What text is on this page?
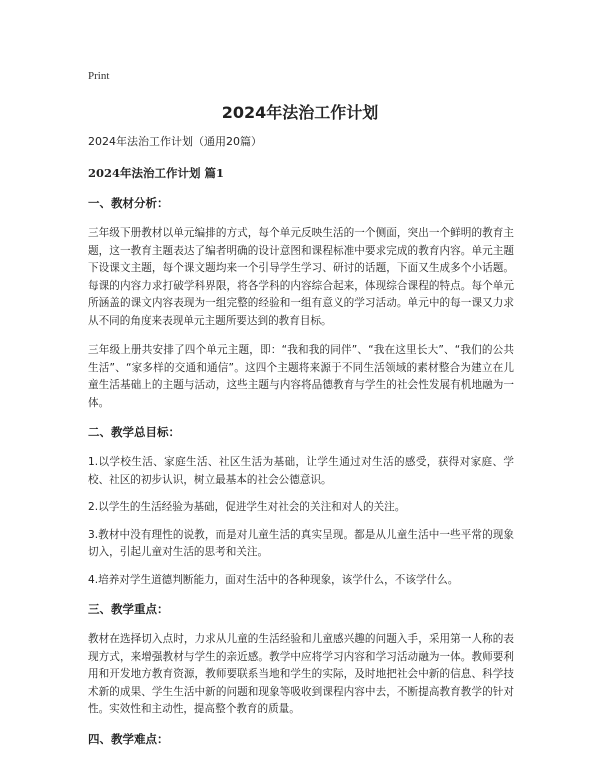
Print
2024年法治工作计划
2024年法治工作计划（通用20篇）
2024年法治工作计划 篇1
一、教材分析：

三年级下册教材以单元编排的方式，每个单元反映生活的一个侧面，突出一个鲜明的教育主题，这一教育主题表达了编者明确的设计意图和课程标准中要求完成的教育内容。单元主题下设课文主题，每个课文题均来一个引导学生学习、研讨的话题，下面又生成多个小话题。每课的内容力求打破学科界限，将各学科的内容综合起来，体现综合课程的特点。每个单元所涵盖的课文内容表现为一组完整的经验和一组有意义的学习活动。单元中的每一课又力求从不同的角度来表现单元主题所要达到的教育目标。

三年级上册共安排了四个单元主题，即：“我和我的同伴”、“我在这里长大”、“我们的公共生活”、“家多样的交通和通信”。这四个主题将来源于不同生活领域的素材整合为建立在儿童生活基础上的主题与活动，这些主题与内容将品德教育与学生的社会性发展有机地融为一体。

二、教学总目标：

1.以学校生活、家庭生活、社区生活为基础，让学生通过对生活的感受，获得对家庭、学校、社区的初步认识，树立最基本的社会公德意识。

2.以学生的生活经验为基础，促进学生对社会的关注和对人的关注。

3.教材中没有理性的说教，而是对儿童生活的真实呈现。都是从儿童生活中一些平常的现象切入，引起儿童对生活的思考和关注。

4.培养对学生道德判断能力，面对生活中的各种现象，该学什么，不该学什么。

三、教学重点：

教材在选择切入点时，力求从儿童的生活经验和儿童感兴趣的问题入手，采用第一人称的表现方式，来增强教材与学生的亲近感。教学中应将学习内容和学习活动融为一体。教师要利用和开发地方教育资源，教师要联系当地和学生的实际，及时地把社会中新的信息、科学技术新的成果、学生生活中新的问题和现象等吸收到课程内容中去，不断提高教育教学的针对性。实效性和主动性，提高整个教育的质量。

四、教学难点：
